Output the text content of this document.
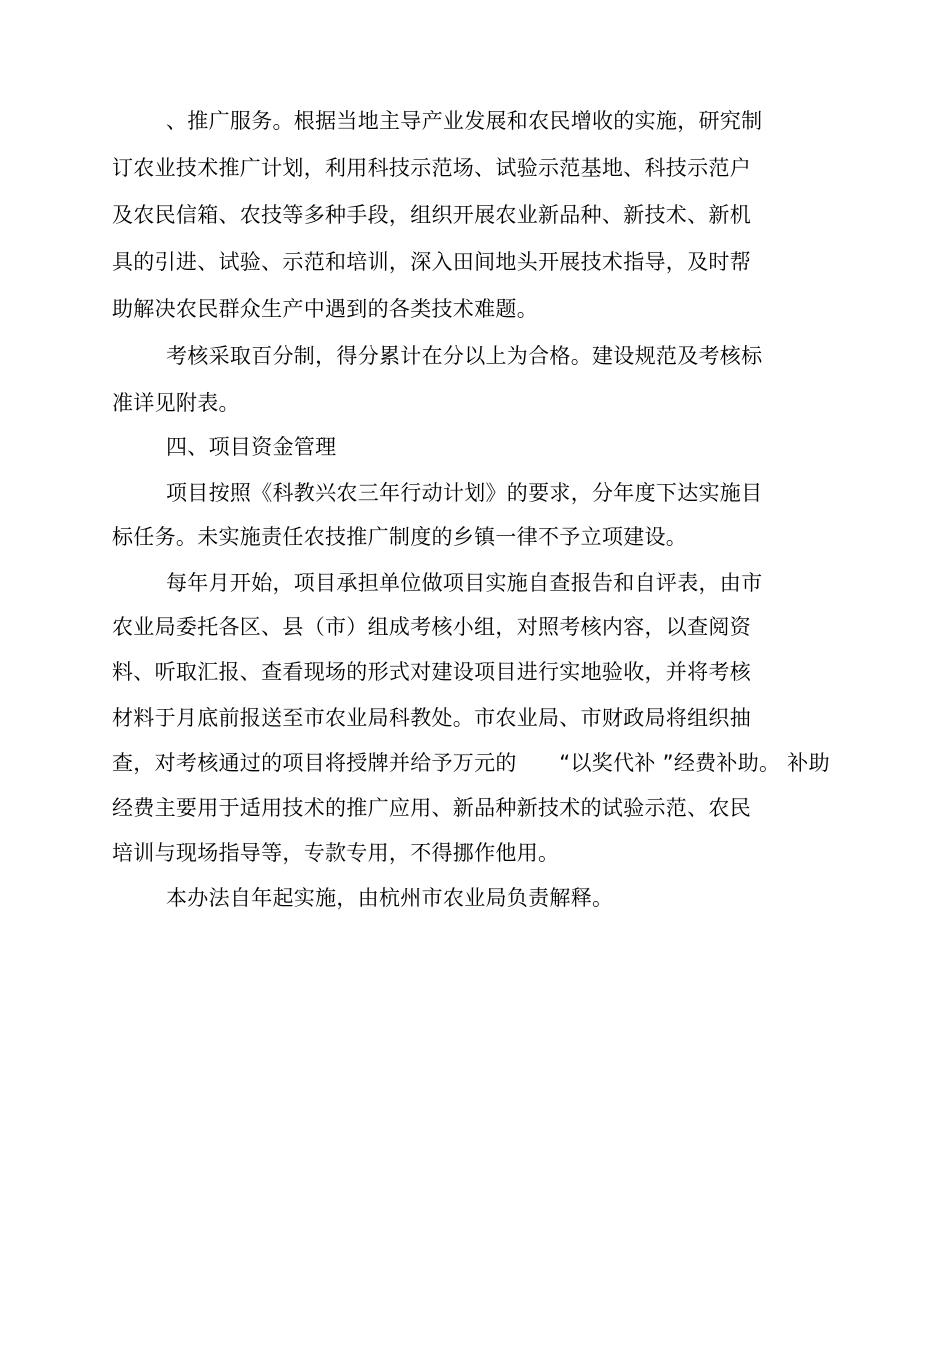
、推广服务。根据当地主导产业发展和农民增收的实施，研究制
订农业技术推广计划，利用科技示范场、试验示范基地、科技示范户
及农民信箱、农技等多种手段，组织开展农业新品种、新技术、新机
具的引进、试验、示范和培训，深入田间地头开展技术指导，及时帮
助解决农民群众生产中遇到的各类技术难题。
考核采取百分制，得分累计在分以上为合格。建设规范及考核标
准详见附表。
四、项目资金管理
项目按照《科教兴农三年行动计划》的要求，分年度下达实施目
标任务。未实施责任农技推广制度的乡镇一律不予立项建设。
每年月开始，项目承担单位做项目实施自查报告和自评表，由市
农业局委托各区、县（市）组成考核小组，对照考核内容，以查阅资
料、听取汇报、查看现场的形式对建设项目进行实地验收，并将考核
材料于月底前报送至市农业局科教处。市农业局、市财政局将组织抽
查，对考核通过的项目将授牌并给予万元的　　“以奖代补 ”经费补助。 补助
经费主要用于适用技术的推广应用、新品种新技术的试验示范、农民
培训与现场指导等，专款专用，不得挪作他用。
本办法自年起实施，由杭州市农业局负责解释。
